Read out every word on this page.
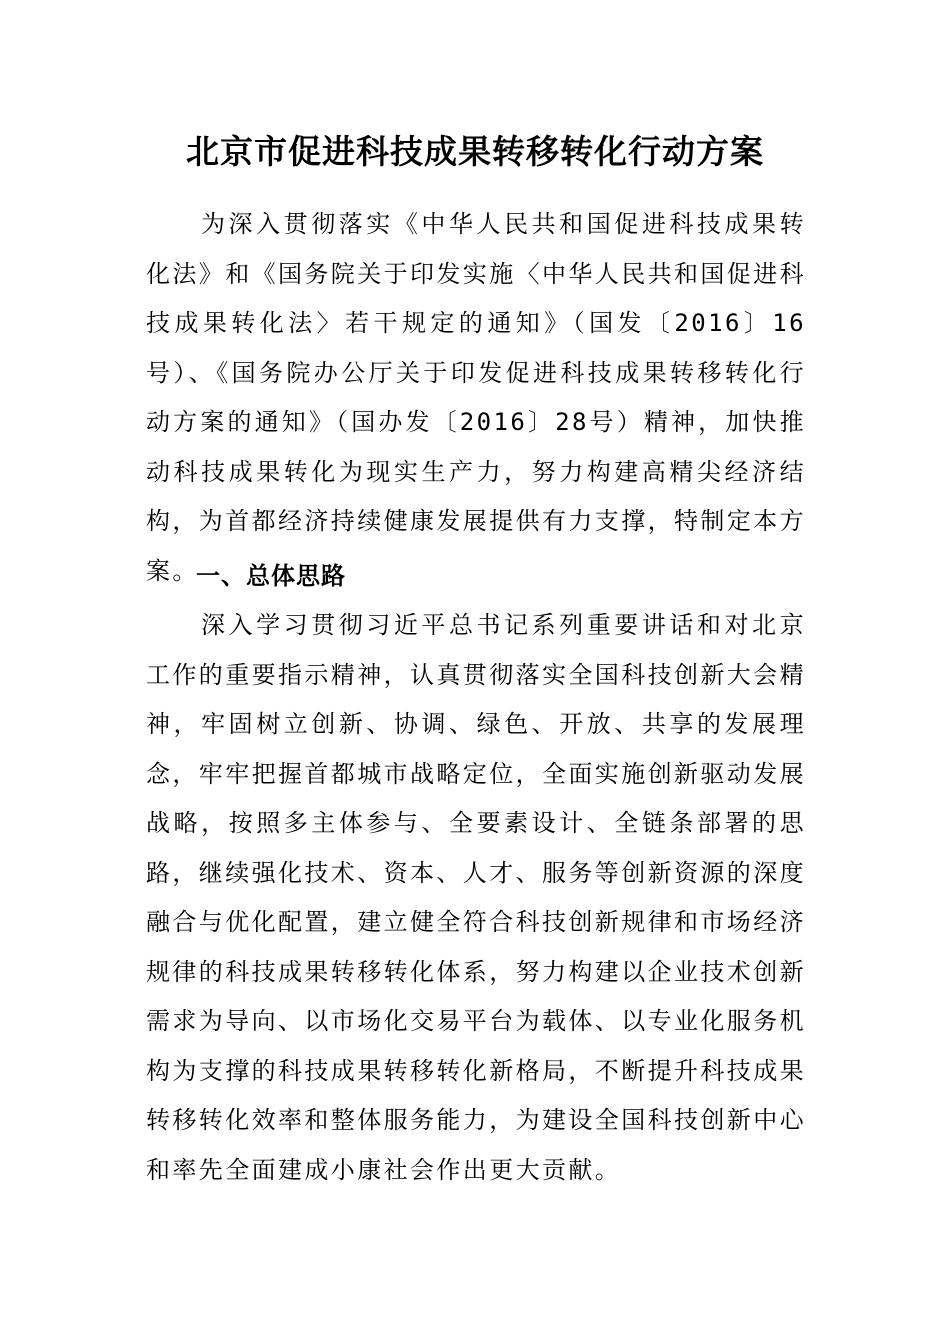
北京市促进科技成果转移转化行动方案

为深入贯彻落实《中华人民共和国促进科技成果转化法》和《国务院关于印发实施〈中华人民共和国促进科技成果转化法〉若干规定的通知》（国发〔2016〕16号）、《国务院办公厅关于印发促进科技成果转移转化行动方案的通知》（国办发〔2016〕28号）精神，加快推动科技成果转化为现实生产力，努力构建高精尖经济结构，为首都经济持续健康发展提供有力支撑，特制定本方案。

一、总体思路

深入学习贯彻习近平总书记系列重要讲话和对北京工作的重要指示精神，认真贯彻落实全国科技创新大会精神，牢固树立创新、协调、绿色、开放、共享的发展理念，牢牢把握首都城市战略定位，全面实施创新驱动发展战略，按照多主体参与、全要素设计、全链条部署的思路，继续强化技术、资本、人才、服务等创新资源的深度融合与优化配置，建立健全符合科技创新规律和市场经济规律的科技成果转移转化体系，努力构建以企业技术创新需求为导向、以市场化交易平台为载体、以专业化服务机构为支撑的科技成果转移转化新格局，不断提升科技成果转移转化效率和整体服务能力，为建设全国科技创新中心和率先全面建成小康社会作出更大贡献。
